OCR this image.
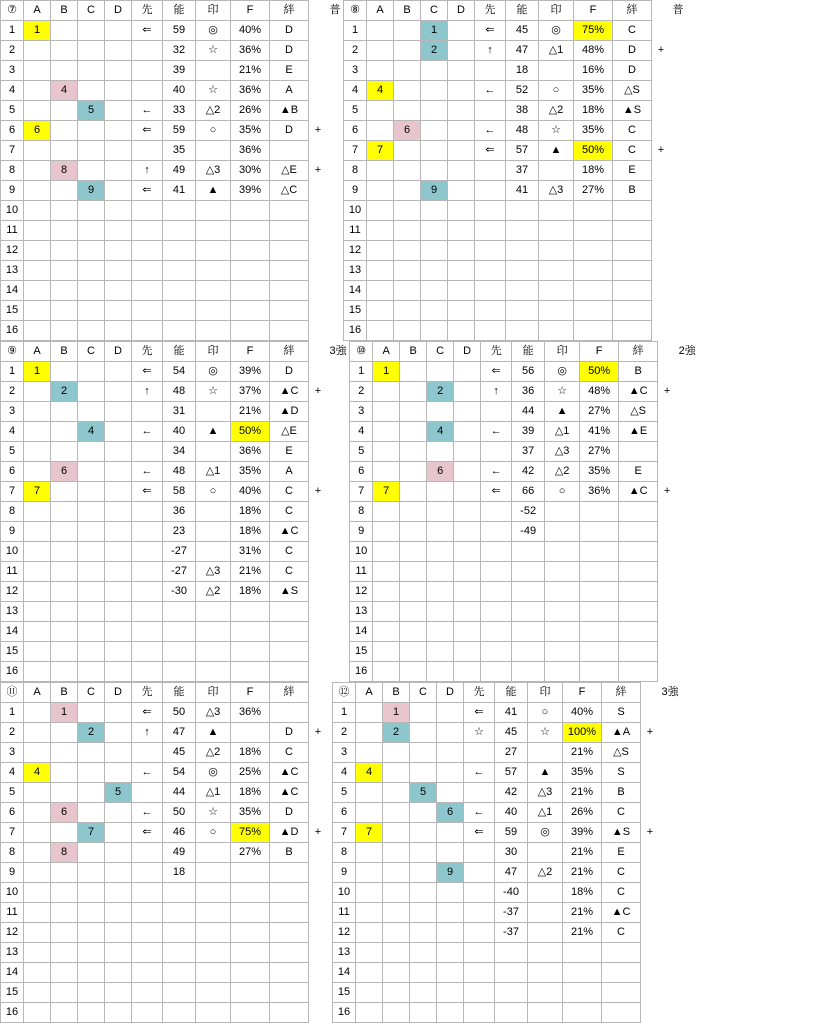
⑦	A	B	C	D	先	能	印	F	絆		普
1	1				⇐	59	◎	40%	D		
2						32	☆	36%	D		
3						39		21%	E		
4		4				40	☆	36%	A		
5			5		←	33	△2	26%	▲B		
6	6				⇐	59	○	35%	D	+	
7						35		36%			
8		8			↑	49	△3	30%	△E	+	
9			9		⇐	41	▲	39%	△C		
10											
11											
12											
13											
14											
15											
16											
⑧	A	B	C	D	先	能	印	F	絆		普
1			1		⇐	45	◎	75%	C		
2			2		↑	47	△1	48%	D	+	
3						18		16%	D		
4	4				←	52	○	35%	△S		
5						38	△2	18%	▲S		
6		6			←	48	☆	35%	C		
7	7				⇐	57	▲	50%	C	+	
8						37		18%	E		
9			9			41	△3	27%	B		
10											
11											
12											
13											
14											
15											
16											
⑨	A	B	C	D	先	能	印	F	絆		3強
1	1				⇐	54	◎	39%	D		
2		2			↑	48	☆	37%	▲C	+	
3						31		21%	▲D		
4			4		←	40	▲	50%	△E		
5						34		36%	E		
6		6			←	48	△1	35%	A		
7	7				⇐	58	○	40%	C	+	
8						36		18%	C		
9						23		18%	▲C		
10						-27		31%	C		
11						-27	△3	21%	C		
12						-30	△2	18%	▲S		
13											
14											
15											
16											
⑩	A	B	C	D	先	能	印	F	絆		2強
1	1				⇐	56	◎	50%	B		
2			2		↑	36	☆	48%	▲C	+	
3						44	▲	27%	△S		
4			4		←	39	△1	41%	▲E		
5						37	△3	27%			
6			6		←	42	△2	35%	E		
7	7				⇐	66	○	36%	▲C	+	
8						-52					
9						-49					
10											
11											
12											
13											
14											
15											
16											
⑪	A	B	C	D	先	能	印	F	絆		
1		1			⇐	50	△3	36%			
2			2		↑	47	▲		D	+	
3						45	△2	18%	C		
4	4				←	54	◎	25%	▲C		
5				5		44	△1	18%	▲C		
6		6			←	50	☆	35%	D		
7			7		⇐	46	○	75%	▲D	+	
8		8				49		27%	B		
9						18					
10											
11											
12											
13											
14											
15											
16											
⑫	A	B	C	D	先	能	印	F	絆		3強
1		1			⇐	41	○	40%	S		
2		2			☆	45	☆	100%	▲A	+	
3						27		21%	△S		
4	4				←	57	▲	35%	S		
5			5			42	△3	21%	B		
6				6	←	40	△1	26%	C		
7	7				⇐	59	◎	39%	▲S	+	
8						30		21%	E		
9				9		47	△2	21%	C		
10						-40		18%	C		
11						-37		21%	▲C		
12						-37		21%	C		
13											
14											
15											
16											
